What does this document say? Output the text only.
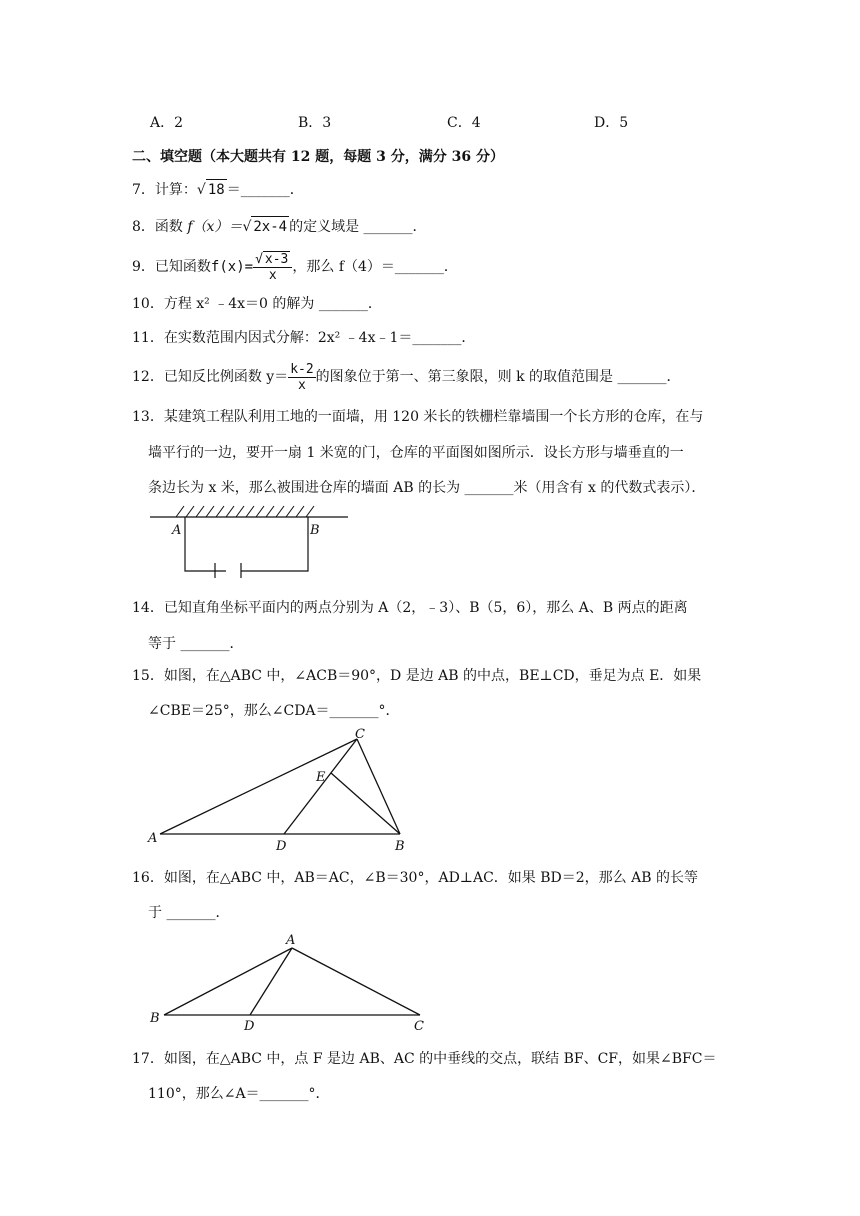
A．2	B．3	C．4	D．5
二、填空题（本大题共有 12 题，每题 3 分，满分 36 分）
7．计算：√ 18 ＝_______．
8．函数 f（x）＝√ 2x-4 的定义域是 _______．
9．已知函数$f(x)= \frac{√ x-3}{x}$ ，那么 f（4）＝_______．
10．方程 x² ﹣4x＝0 的解为 _______．
11．在实数范围内因式分解：2x² ﹣4x﹣1＝_______．
12．已知反比例函数 $y= \frac{k-2}{x}$ 的图象位于第一、第三象限，则 k 的取值范围是 _______．
13．某建筑工程队利用工地的一面墙，用 120 米长的铁栅栏靠墙围一个长方形的仓库，在与
墙平行的一边，要开一扇 1 米宽的门，仓库的平面图如图所示．设长方形与墙垂直的一
条边长为 x 米，那么被围进仓库的墙面 AB 的长为 _______米（用含有 x 的代数式表示）．
A	B
14．已知直角坐标平面内的两点分别为 A（2，﹣3）、B（5，6），那么 A、B 两点的距离
等于 _______．
15．如图，在△ABC 中，∠ACB＝90°，D 是边 AB 的中点，BE⊥CD，垂足为点 E．如果
∠CBE＝25°，那么∠CDA＝_______°．
A
B
C
D
E
16．如图，在△ABC 中，AB＝AC，∠B＝30°，AD⊥AC．如果 BD＝2，那么 AB 的长等
于 _______．
B
A
C
D
17．如图，在△ABC 中，点 F 是边 AB、AC 的中垂线的交点，联结 BF、CF，如果∠BFC＝
110°，那么∠A＝_______°．
